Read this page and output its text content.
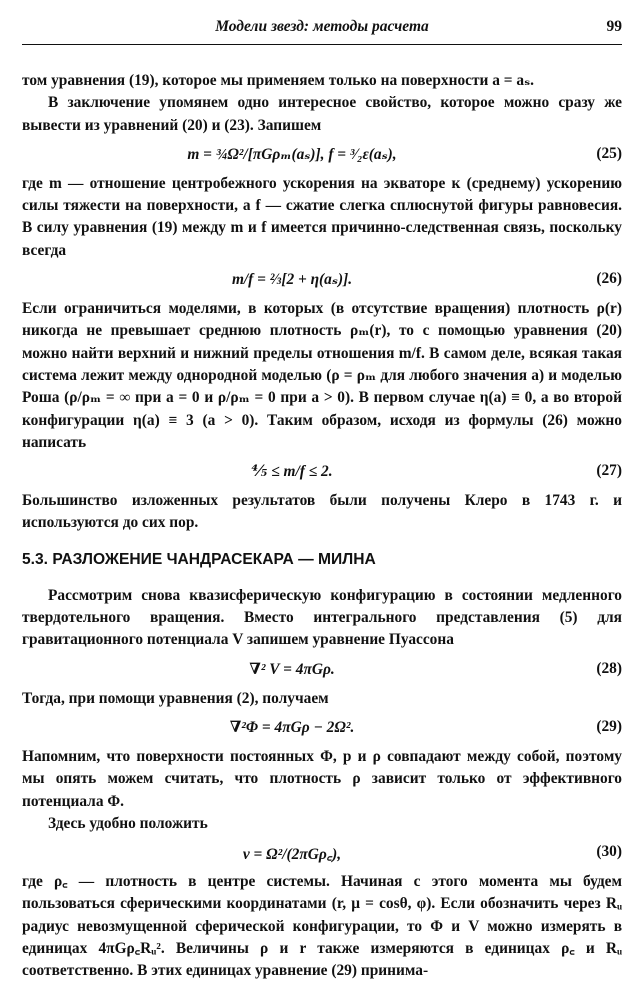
Модели звезд: методы расчета	99

том уравнения (19), которое мы применяем только на поверхности a = aₛ.

В заключение упомянем одно интересное свойство, которое можно сразу же вывести из уравнений (20) и (23). Запишем

m = ¾Ω²/[πGρₘ(aₛ)], f = ³⁄₂ε(aₛ),	(25)

где m — отношение центробежного ускорения на экваторе к (среднему) ускорению силы тяжести на поверхности, а f — сжатие слегка сплюснутой фигуры равновесия. В силу уравнения (19) между m и f имеется причинно-следственная связь, поскольку всегда

m/f = ⅔[2 + η(aₛ)].	(26)

Если ограничиться моделями, в которых (в отсутствие вращения) плотность ρ(r) никогда не превышает среднюю плотность ρₘ(r), то с помощью уравнения (20) можно найти верхний и нижний пределы отношения m/f. В самом деле, всякая такая система лежит между однородной моделью (ρ = ρₘ для любого значения a) и моделью Роша (ρ/ρₘ = ∞ при a = 0 и ρ/ρₘ = 0 при a > 0). В первом случае η(a) ≡ 0, а во второй конфигурации η(a) ≡ 3 (a > 0). Таким образом, исходя из формулы (26) можно написать

⅘ ≤ m/f ≤ 2.	(27)

Большинство изложенных результатов были получены Клеро в 1743 г. и используются до сих пор.

5.3. РАЗЛОЖЕНИЕ ЧАНДРАСЕКАРА — МИЛНА

Рассмотрим снова квазисферическую конфигурацию в состоянии медленного твердотельного вращения. Вместо интегрального представления (5) для гравитационного потенциала V запишем уравнение Пуассона

∇² V = 4πGρ.	(28)

Тогда, при помощи уравнения (2), получаем

∇²Φ = 4πGρ − 2Ω².	(29)

Напомним, что поверхности постоянных Φ, p и ρ совпадают между собой, поэтому мы опять можем считать, что плотность ρ зависит только от эффективного потенциала Φ.

Здесь удобно положить

v = Ω²/(2πGρ꜀),	(30)

где ρ꜀ — плотность в центре системы. Начиная с этого момента мы будем пользоваться сферическими координатами (r, μ = cosθ, φ). Если обозначить через Rᵤ радиус невозмущенной сферической конфигурации, то Φ и V можно измерять в единицах 4πGρ꜀Rᵤ². Величины ρ и r также измеряются в единицах ρ꜀ и Rᵤ соответственно. В этих единицах уравнение (29) принима-
